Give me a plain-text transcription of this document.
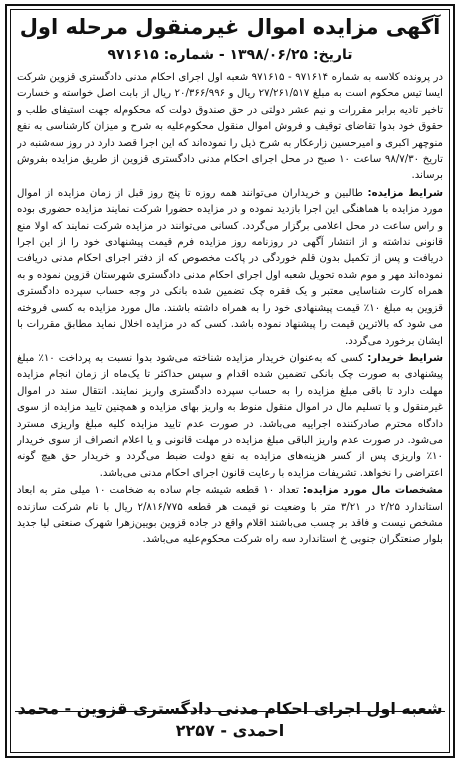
آگهی مزایده اموال غیرمنقول مرحله اول
تاریخ: ۱۳۹۸/۰۶/۲۵ - شماره: ۹۷۱۶۱۵

در پرونده کلاسه به شماره ۹۷۱۶۱۴ - ۹۷۱۶۱۵ شعبه اول اجرای احکام مدنی دادگستری قزوین شرکت ایسا تیس محکوم است به مبلغ ۲۷/۲۶۱/۵۱۷ ریال و ۲۰/۳۶۶/۹۹۶ ریال از بابت اصل خواسته و خسارت تاخیر تادیه برابر مقررات و نیم عشر دولتی در حق صندوق دولت که محکوم‌له جهت استیفای طلب و حقوق خود بدوا تقاضای توقیف و فروش اموال منقول محکوم‌علیه به شرح و میزان کارشناسی به نفع منوچهر اکبری و امیرحسین زارعکار به شرح ذیل را نموده‌اند که این اجرا قصد دارد در روز سه‌شنبه در تاریخ ۹۸/۷/۳۰ ساعت ۱۰ صبح در محل اجرای احکام مدنی دادگستری قزوین از طریق مزایده بفروش برساند.

شرایط مزایده: طالبین و خریداران می‌توانند همه روزه تا پنج روز قبل از زمان مزایده از اموال مورد مزایده با هماهنگی این اجرا بازدید نموده و در مزایده حضورا شرکت نمایند مزایده حضوری بوده و راس ساعت در محل اعلامی برگزار می‌گردد. کسانی می‌توانند در مزایده شرکت نمایند که اولا منع قانونی نداشته و از انتشار آگهی در روزنامه روز مزایده فرم قیمت پیشنهادی خود را از این اجرا دریافت و پس از تکمیل بدون قلم خوردگی در پاکت مخصوص که از دفتر اجرای احکام مدنی دریافت نموده‌اند مهر و موم شده تحویل شعبه اول اجرای احکام مدنی دادگستری شهرستان قزوین نموده و به همراه کارت شناسایی معتبر و یک فقره چک تضمین شده بانکی در وجه حساب سپرده دادگستری قزوین به مبلغ ۱۰٪ قیمت پیشنهادی خود را به همراه داشته باشند. مال مورد مزایده به کسی فروخته می شود که بالاترین قیمت را پیشنهاد نموده باشد. کسی که در مزایده اخلال نماید مطابق مقررات با ایشان برخورد می‌گردد.

شرایط خریدار: کسی که به‌عنوان خریدار مزایده شناخته می‌شود بدوا نسبت به پرداخت ۱۰٪ مبلغ پیشنهادی به صورت چک بانکی تضمین شده اقدام و سپس حداکثر تا یک‌ماه از زمان انجام مزایده مهلت دارد تا باقی مبلغ مزایده را به حساب سپرده دادگستری واریز نمایند. انتقال سند در اموال غیرمنقول و یا تسلیم مال در اموال منقول منوط به واریز بهای مزایده و همچنین تایید مزایده از سوی دادگاه محترم صادرکننده اجراییه می‌باشد. در صورت عدم تایید مزایده کلیه مبلغ واریزی مسترد می‌شود. در صورت عدم واریز الباقی مبلغ مزایده در مهلت قانونی و یا اعلام انصراف از سوی خریدار ۱۰٪ واریزی پس از کسر هزینه‌های مزایده به نفع دولت ضبط می‌گردد و خریدار حق هیچ گونه اعتراضی را نخواهد. تشریفات مزایده با رعایت قانون اجرای احکام مدنی می‌باشد.

مشخصات مال مورد مزایده: تعداد ۱۰ قطعه شیشه جام ساده به ضخامت ۱۰ میلی متر به ابعاد استاندارد ۲/۲۵ در ۳/۲۱ متر با وضعیت نو قیمت هر قطعه ۲/۸۱۶/۷۷۵ ریال با نام شرکت سازنده مشخص نیست و فاقد بر چسب می‌باشند اقلام واقع در جاده قزوین بویین‌زهرا شهرک صنعتی لیا جدید بلوار صنعتگران جنوبی خ استاندارد سه راه شرکت محکوم‌علیه می‌باشد.

شعبه اول اجرای احکام مدنی دادگستری قزوین - محمد احمدی - ۲۲۵۷
